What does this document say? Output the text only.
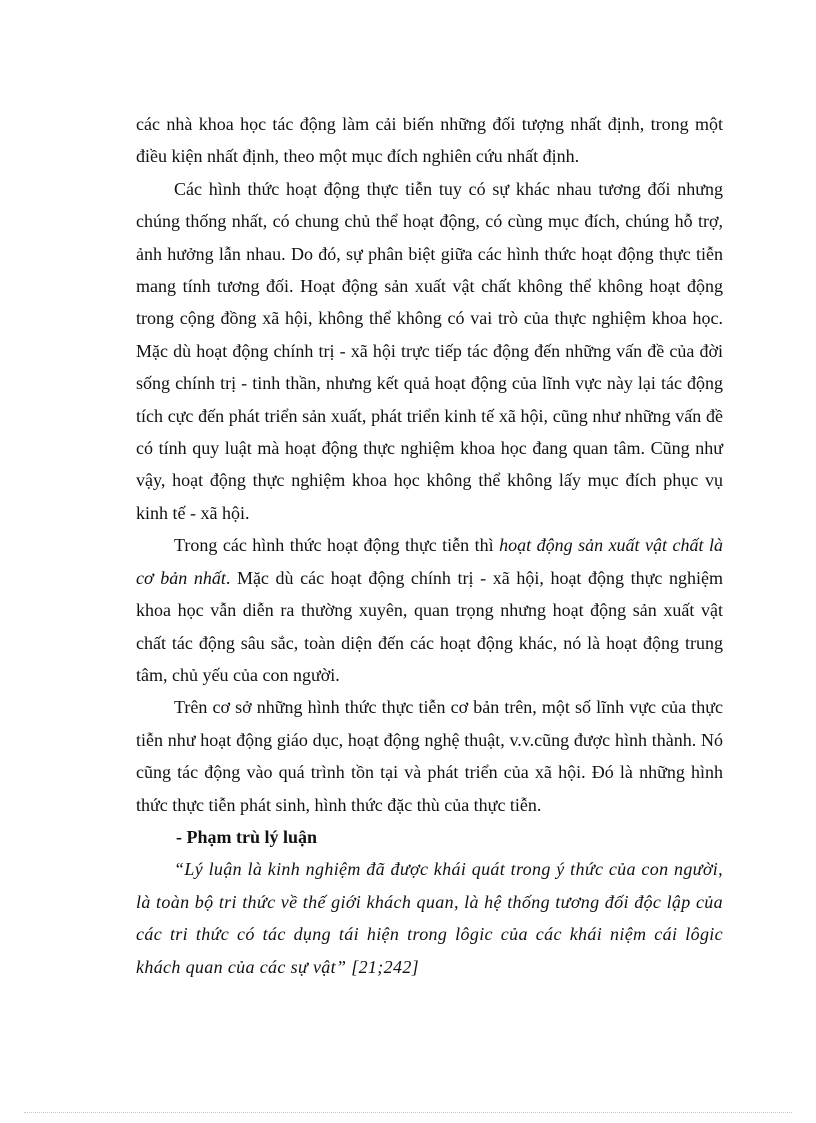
các nhà khoa học tác động làm cải biến những đối tượng nhất định, trong một điều kiện nhất định, theo một mục đích nghiên cứu nhất định.

Các hình thức hoạt động thực tiễn tuy có sự khác nhau tương đối nhưng chúng thống nhất, có chung chủ thể hoạt động, có cùng mục đích, chúng hỗ trợ, ảnh hưởng lẫn nhau. Do đó, sự phân biệt giữa các hình thức hoạt động thực tiễn mang tính tương đối. Hoạt động sản xuất vật chất không thể không hoạt động trong cộng đồng xã hội, không thể không có vai trò của thực nghiệm khoa học. Mặc dù hoạt động chính trị - xã hội trực tiếp tác động đến những vấn đề của đời sống chính trị - tinh thần, nhưng kết quả hoạt động của lĩnh vực này lại tác động tích cực đến phát triển sản xuất, phát triển kinh tế xã hội, cũng như những vấn đề có tính quy luật mà hoạt động thực nghiệm khoa học đang quan tâm. Cũng như vậy, hoạt động thực nghiệm khoa học không thể không lấy mục đích phục vụ kinh tế - xã hội.

Trong các hình thức hoạt động thực tiễn thì hoạt động sản xuất vật chất là cơ bản nhất. Mặc dù các hoạt động chính trị - xã hội, hoạt động thực nghiệm khoa học vẫn diễn ra thường xuyên, quan trọng nhưng hoạt động sản xuất vật chất tác động sâu sắc, toàn diện đến các hoạt động khác, nó là hoạt động trung tâm, chủ yếu của con người.

Trên cơ sở những hình thức thực tiễn cơ bản trên, một số lĩnh vực của thực tiễn như hoạt động giáo dục, hoạt động nghệ thuật, v.v.cũng được hình thành. Nó cũng tác động vào quá trình tồn tại và phát triển của xã hội. Đó là những hình thức thực tiễn phát sinh, hình thức đặc thù của thực tiễn.

- Phạm trù lý luận

“Lý luận là kinh nghiệm đã được khái quát trong ý thức của con người, là toàn bộ tri thức về thế giới khách quan, là hệ thống tương đối độc lập của các tri thức có tác dụng tái hiện trong lôgic của các khái niệm cái lôgic khách quan của các sự vật” [21;242]
